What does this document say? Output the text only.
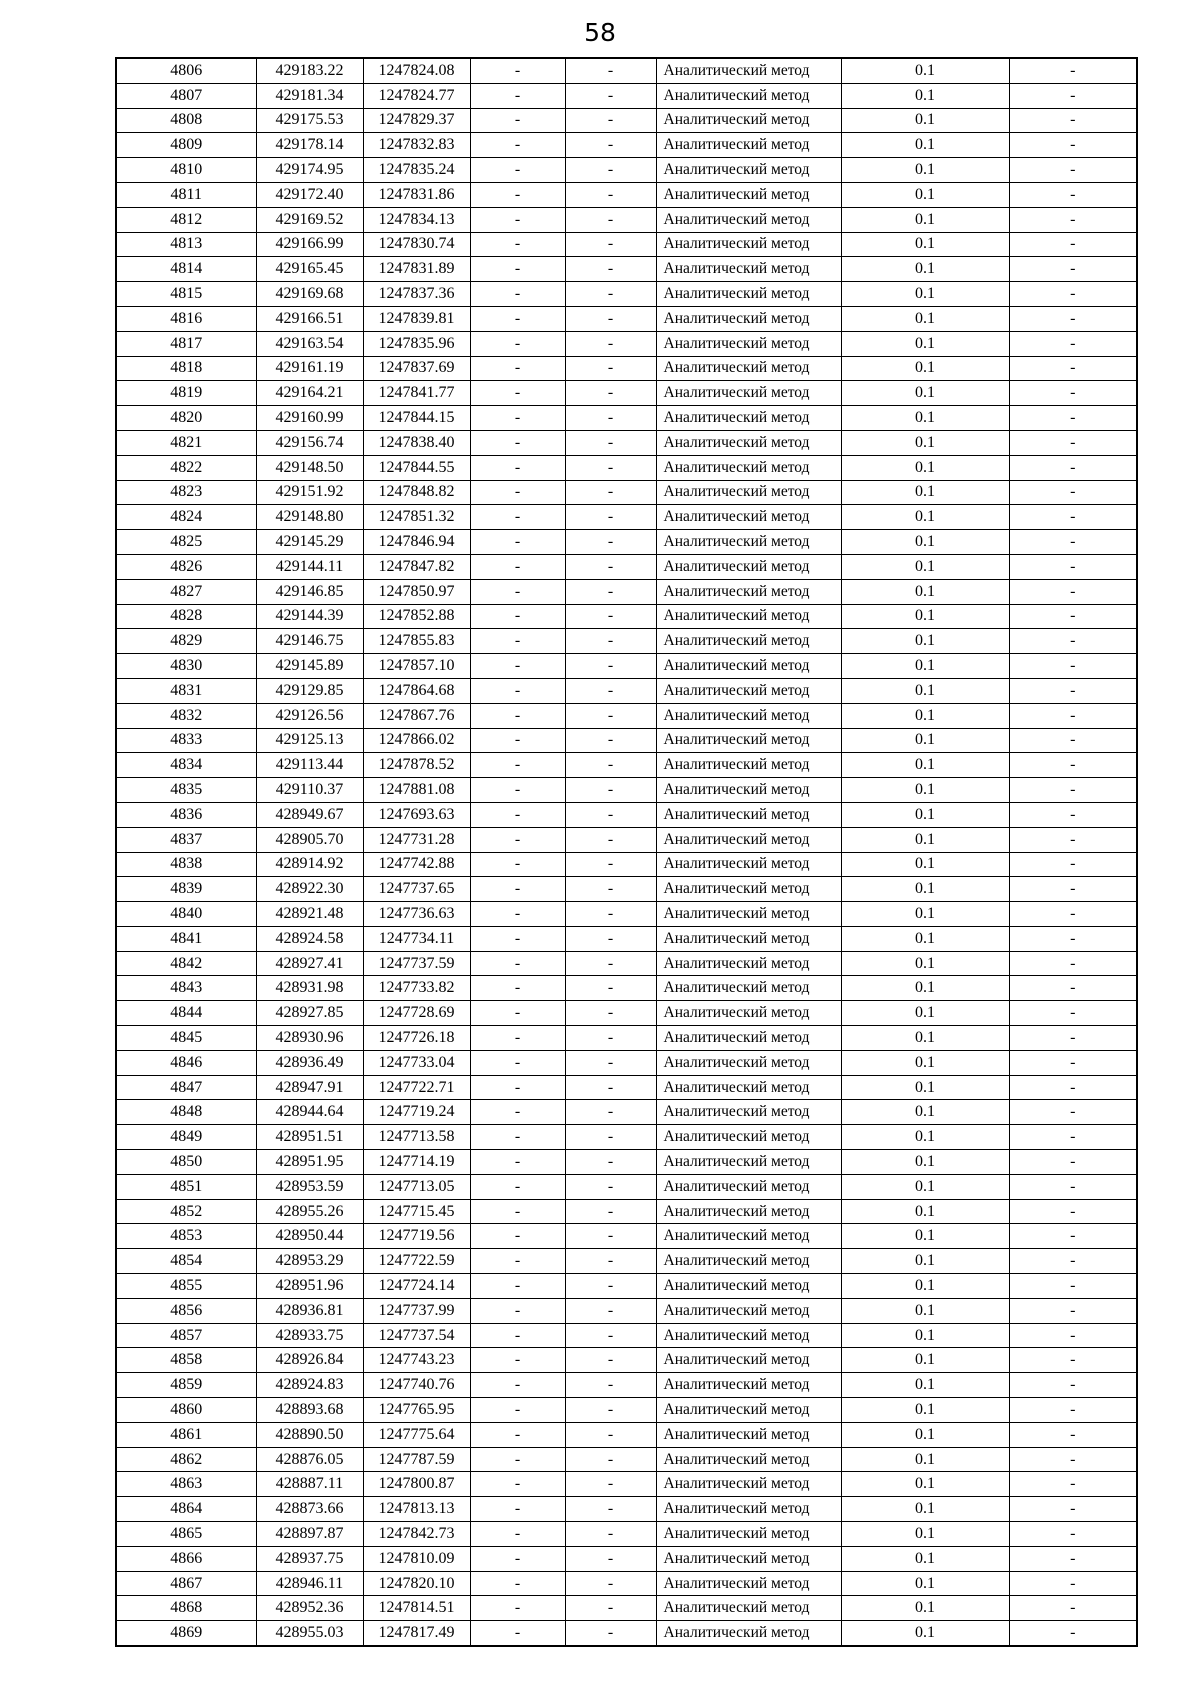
58
4806	429183.22	1247824.08	-	-	Аналитический метод	0.1	-
4807	429181.34	1247824.77	-	-	Аналитический метод	0.1	-
4808	429175.53	1247829.37	-	-	Аналитический метод	0.1	-
4809	429178.14	1247832.83	-	-	Аналитический метод	0.1	-
4810	429174.95	1247835.24	-	-	Аналитический метод	0.1	-
4811	429172.40	1247831.86	-	-	Аналитический метод	0.1	-
4812	429169.52	1247834.13	-	-	Аналитический метод	0.1	-
4813	429166.99	1247830.74	-	-	Аналитический метод	0.1	-
4814	429165.45	1247831.89	-	-	Аналитический метод	0.1	-
4815	429169.68	1247837.36	-	-	Аналитический метод	0.1	-
4816	429166.51	1247839.81	-	-	Аналитический метод	0.1	-
4817	429163.54	1247835.96	-	-	Аналитический метод	0.1	-
4818	429161.19	1247837.69	-	-	Аналитический метод	0.1	-
4819	429164.21	1247841.77	-	-	Аналитический метод	0.1	-
4820	429160.99	1247844.15	-	-	Аналитический метод	0.1	-
4821	429156.74	1247838.40	-	-	Аналитический метод	0.1	-
4822	429148.50	1247844.55	-	-	Аналитический метод	0.1	-
4823	429151.92	1247848.82	-	-	Аналитический метод	0.1	-
4824	429148.80	1247851.32	-	-	Аналитический метод	0.1	-
4825	429145.29	1247846.94	-	-	Аналитический метод	0.1	-
4826	429144.11	1247847.82	-	-	Аналитический метод	0.1	-
4827	429146.85	1247850.97	-	-	Аналитический метод	0.1	-
4828	429144.39	1247852.88	-	-	Аналитический метод	0.1	-
4829	429146.75	1247855.83	-	-	Аналитический метод	0.1	-
4830	429145.89	1247857.10	-	-	Аналитический метод	0.1	-
4831	429129.85	1247864.68	-	-	Аналитический метод	0.1	-
4832	429126.56	1247867.76	-	-	Аналитический метод	0.1	-
4833	429125.13	1247866.02	-	-	Аналитический метод	0.1	-
4834	429113.44	1247878.52	-	-	Аналитический метод	0.1	-
4835	429110.37	1247881.08	-	-	Аналитический метод	0.1	-
4836	428949.67	1247693.63	-	-	Аналитический метод	0.1	-
4837	428905.70	1247731.28	-	-	Аналитический метод	0.1	-
4838	428914.92	1247742.88	-	-	Аналитический метод	0.1	-
4839	428922.30	1247737.65	-	-	Аналитический метод	0.1	-
4840	428921.48	1247736.63	-	-	Аналитический метод	0.1	-
4841	428924.58	1247734.11	-	-	Аналитический метод	0.1	-
4842	428927.41	1247737.59	-	-	Аналитический метод	0.1	-
4843	428931.98	1247733.82	-	-	Аналитический метод	0.1	-
4844	428927.85	1247728.69	-	-	Аналитический метод	0.1	-
4845	428930.96	1247726.18	-	-	Аналитический метод	0.1	-
4846	428936.49	1247733.04	-	-	Аналитический метод	0.1	-
4847	428947.91	1247722.71	-	-	Аналитический метод	0.1	-
4848	428944.64	1247719.24	-	-	Аналитический метод	0.1	-
4849	428951.51	1247713.58	-	-	Аналитический метод	0.1	-
4850	428951.95	1247714.19	-	-	Аналитический метод	0.1	-
4851	428953.59	1247713.05	-	-	Аналитический метод	0.1	-
4852	428955.26	1247715.45	-	-	Аналитический метод	0.1	-
4853	428950.44	1247719.56	-	-	Аналитический метод	0.1	-
4854	428953.29	1247722.59	-	-	Аналитический метод	0.1	-
4855	428951.96	1247724.14	-	-	Аналитический метод	0.1	-
4856	428936.81	1247737.99	-	-	Аналитический метод	0.1	-
4857	428933.75	1247737.54	-	-	Аналитический метод	0.1	-
4858	428926.84	1247743.23	-	-	Аналитический метод	0.1	-
4859	428924.83	1247740.76	-	-	Аналитический метод	0.1	-
4860	428893.68	1247765.95	-	-	Аналитический метод	0.1	-
4861	428890.50	1247775.64	-	-	Аналитический метод	0.1	-
4862	428876.05	1247787.59	-	-	Аналитический метод	0.1	-
4863	428887.11	1247800.87	-	-	Аналитический метод	0.1	-
4864	428873.66	1247813.13	-	-	Аналитический метод	0.1	-
4865	428897.87	1247842.73	-	-	Аналитический метод	0.1	-
4866	428937.75	1247810.09	-	-	Аналитический метод	0.1	-
4867	428946.11	1247820.10	-	-	Аналитический метод	0.1	-
4868	428952.36	1247814.51	-	-	Аналитический метод	0.1	-
4869	428955.03	1247817.49	-	-	Аналитический метод	0.1	-
